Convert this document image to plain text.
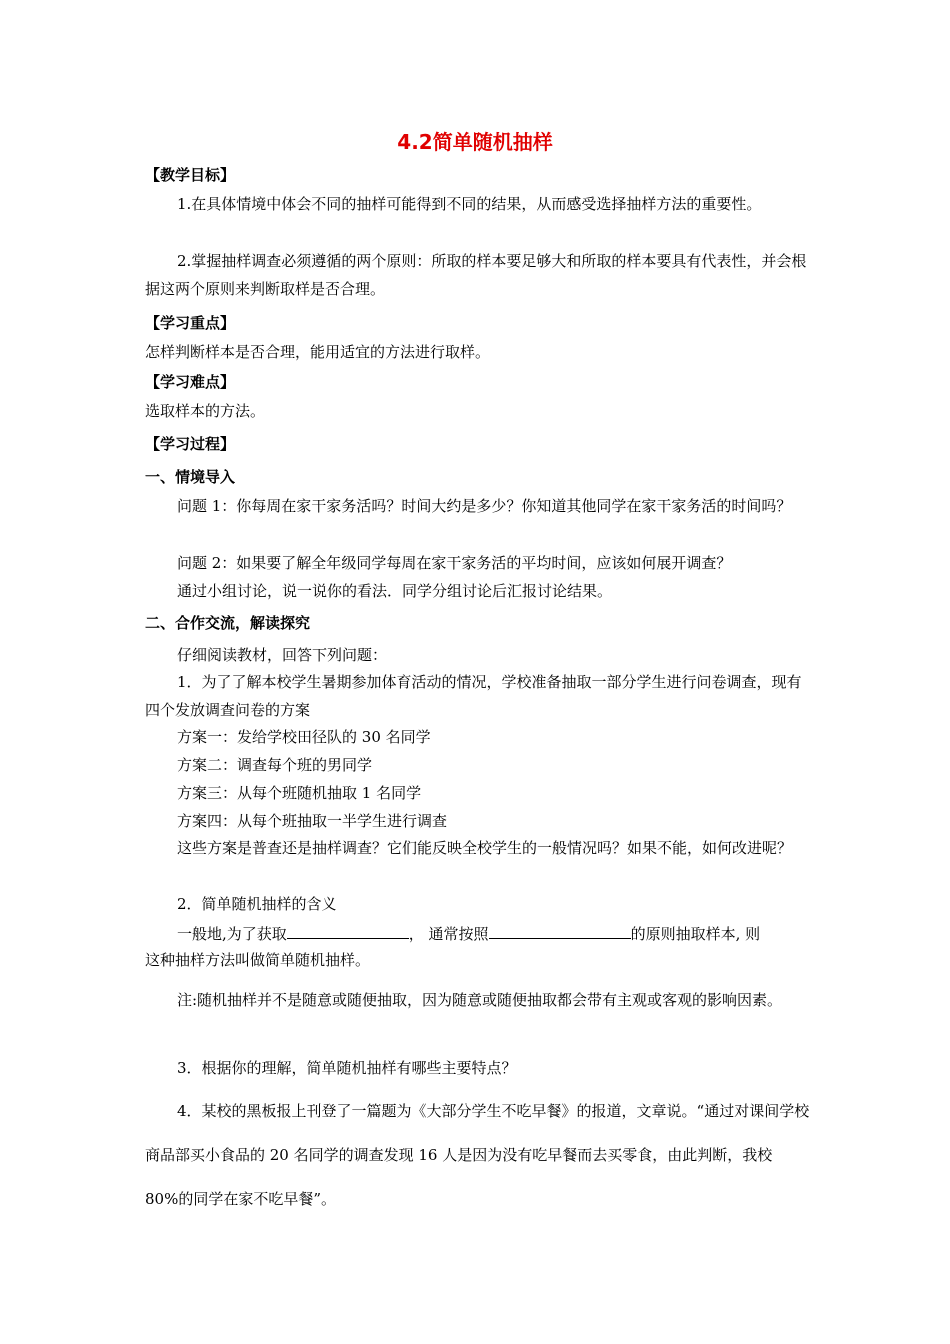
4.2简单随机抽样
【教学目标】
1.在具体情境中体会不同的抽样可能得到不同的结果，从而感受选择抽样方法的重要性。
2.掌握抽样调查必须遵循的两个原则：所取的样本要足够大和所取的样本要具有代表性，并会根据这两个原则来判断取样是否合理。
【学习重点】
怎样判断样本是否合理，能用适宜的方法进行取样。
【学习难点】
选取样本的方法。
【学习过程】
一、情境导入
问题 1：你每周在家干家务活吗？时间大约是多少？你知道其他同学在家干家务活的时间吗？
问题 2：如果要了解全年级同学每周在家干家务活的平均时间，应该如何展开调查？
通过小组讨论，说一说你的看法．同学分组讨论后汇报讨论结果。
二、合作交流，解读探究
仔细阅读教材，回答下列问题：
1．为了了解本校学生暑期参加体育活动的情况，学校准备抽取一部分学生进行问卷调查，现有四个发放调查问卷的方案
方案一：发给学校田径队的 30 名同学
方案二：调查每个班的男同学
方案三：从每个班随机抽取 1 名同学
方案四：从每个班抽取一半学生进行调查
这些方案是普查还是抽样调查？它们能反映全校学生的一般情况吗？如果不能，如何改进呢？
2．简单随机抽样的含义
一般地,为了获取	， 通常按照	的原则抽取样本, 则
这种抽样方法叫做简单随机抽样。
注:随机抽样并不是随意或随便抽取，因为随意或随便抽取都会带有主观或客观的影响因素。
3．根据你的理解，简单随机抽样有哪些主要特点？
4．某校的黑板报上刊登了一篇题为《大部分学生不吃早餐》的报道，文章说。“通过对课间学校商品部买小食品的 20 名同学的调查发现 16 人是因为没有吃早餐而去买零食，由此判断，我校 80%的同学在家不吃早餐”。
